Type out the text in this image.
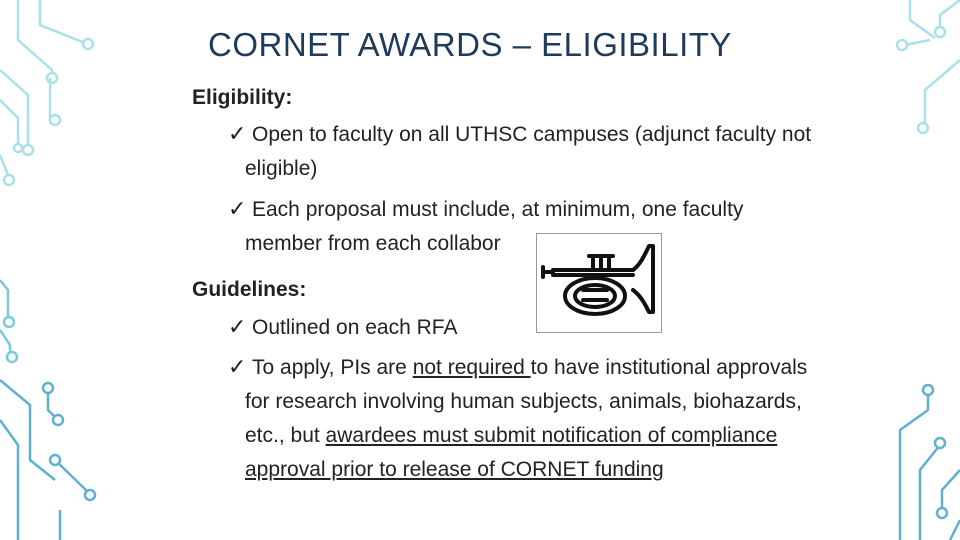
CORNET AWARDS – ELIGIBILITY
Eligibility:
✓ Open to faculty on all UTHSC campuses (adjunct faculty not
eligible)
✓ Each proposal must include, at minimum, one faculty
member from each collabor
Guidelines:
✓ Outlined on each RFA
✓ To apply, PIs are not required to have institutional approvals
for research involving human subjects, animals, biohazards,
etc., but awardees must submit notification of compliance
approval prior to release of CORNET funding
